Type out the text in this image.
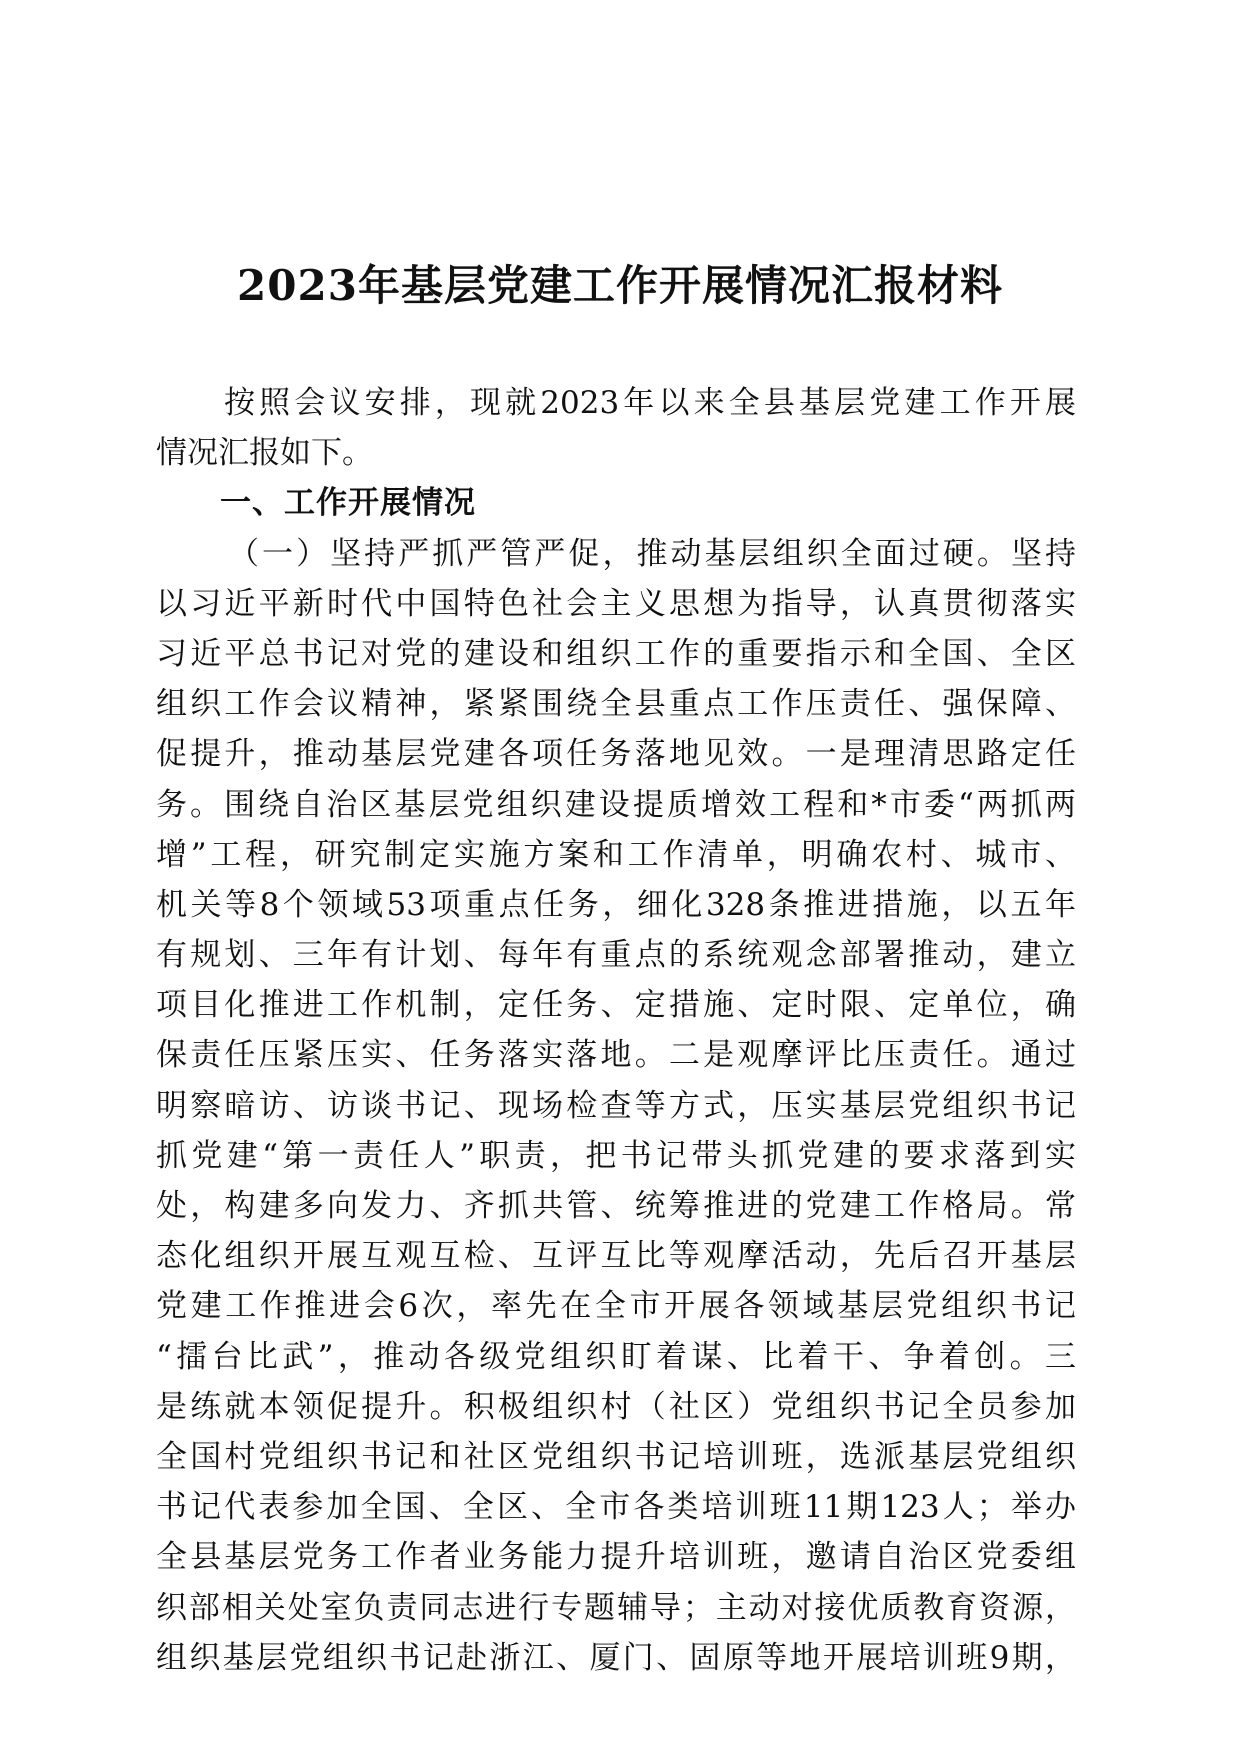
2023年基层党建工作开展情况汇报材料
按照会议安排，现就2023年以来全县基层党建工作开展
情况汇报如下。
一、工作开展情况
（一）坚持严抓严管严促，推动基层组织全面过硬。坚持
以习近平新时代中国特色社会主义思想为指导，认真贯彻落实
习近平总书记对党的建设和组织工作的重要指示和全国、全区
组织工作会议精神，紧紧围绕全县重点工作压责任、强保障、
促提升，推动基层党建各项任务落地见效。一是理清思路定任
务。围绕自治区基层党组织建设提质增效工程和*市委“两抓两
增”工程，研究制定实施方案和工作清单，明确农村、城市、
机关等8个领域53项重点任务，细化328条推进措施，以五年
有规划、三年有计划、每年有重点的系统观念部署推动，建立
项目化推进工作机制，定任务、定措施、定时限、定单位，确
保责任压紧压实、任务落实落地。二是观摩评比压责任。通过
明察暗访、访谈书记、现场检查等方式，压实基层党组织书记
抓党建“第一责任人”职责，把书记带头抓党建的要求落到实
处，构建多向发力、齐抓共管、统筹推进的党建工作格局。常
态化组织开展互观互检、互评互比等观摩活动，先后召开基层
党建工作推进会6次，率先在全市开展各领域基层党组织书记
“擂台比武”，推动各级党组织盯着谋、比着干、争着创。三
是练就本领促提升。积极组织村（社区）党组织书记全员参加
全国村党组织书记和社区党组织书记培训班，选派基层党组织
书记代表参加全国、全区、全市各类培训班11期123人；举办
全县基层党务工作者业务能力提升培训班，邀请自治区党委组
织部相关处室负责同志进行专题辅导；主动对接优质教育资源，
组织基层党组织书记赴浙江、厦门、固原等地开展培训班9期，
